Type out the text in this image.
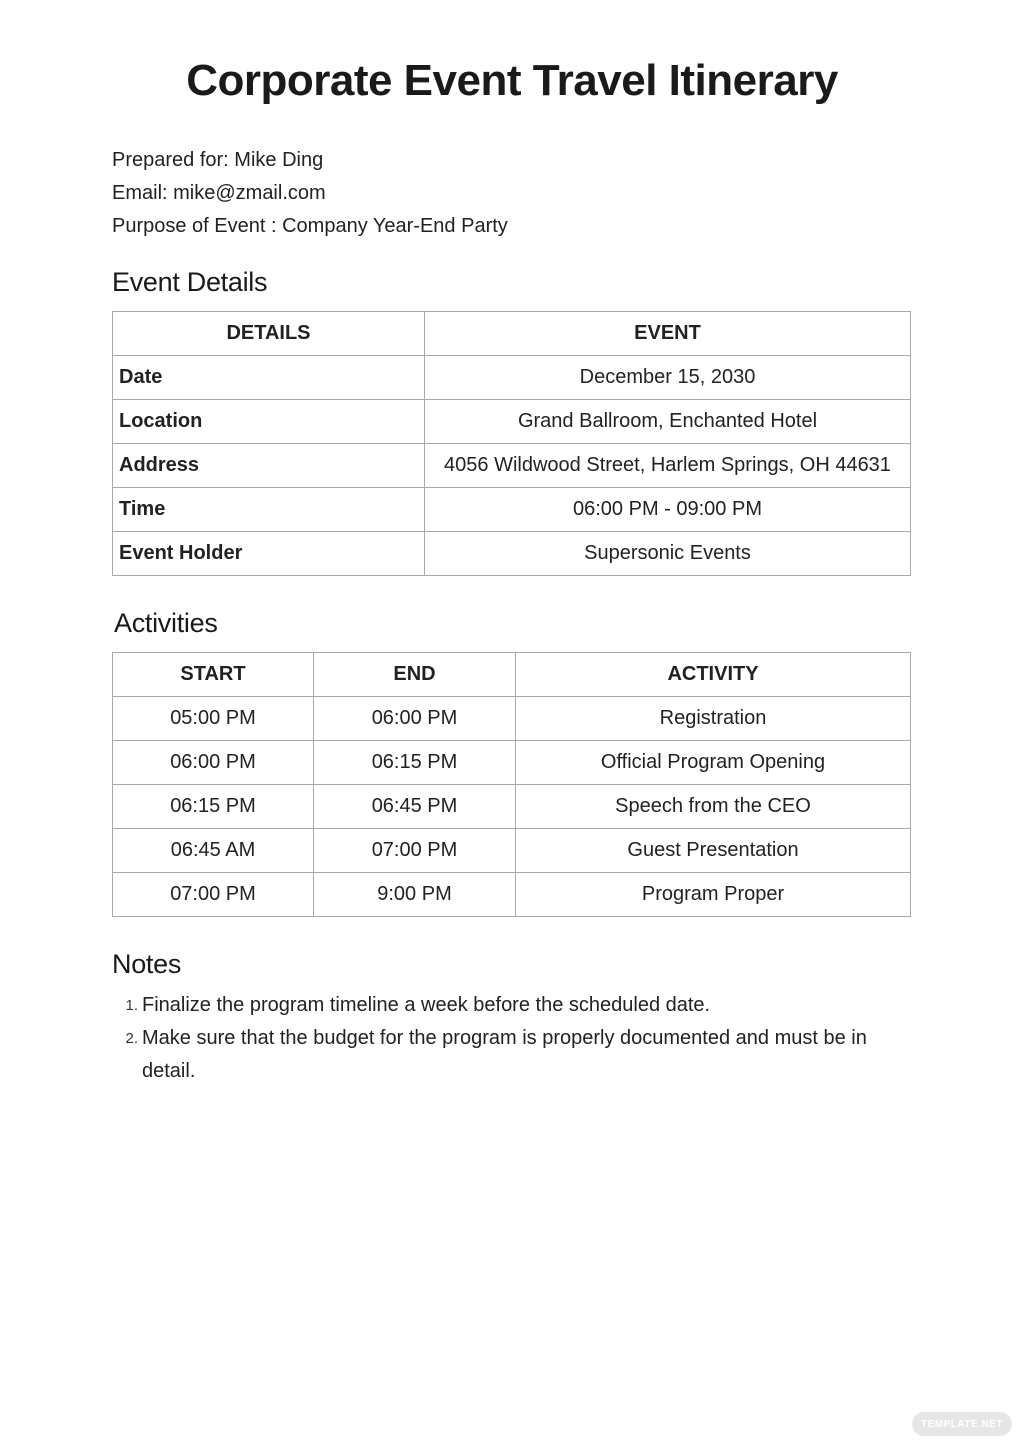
Corporate Event Travel Itinerary
Prepared for: Mike Ding
Email: mike@zmail.com
Purpose of Event : Company Year-End Party
Event Details
DETAILS	EVENT
Date	December 15, 2030
Location	Grand Ballroom, Enchanted Hotel
Address	4056 Wildwood Street, Harlem Springs, OH 44631
Time	06:00 PM - 09:00 PM
Event Holder	Supersonic Events
Activities
START	END	ACTIVITY
05:00 PM	06:00 PM	Registration
06:00 PM	06:15 PM	Official Program Opening
06:15 PM	06:45 PM	Speech from the CEO
06:45 AM	07:00 PM	Guest Presentation
07:00 PM	9:00 PM	Program Proper
Notes
1. Finalize the program timeline a week before the scheduled date.
2. Make sure that the budget for the program is properly documented and must be in detail.
TEMPLATE.NET
